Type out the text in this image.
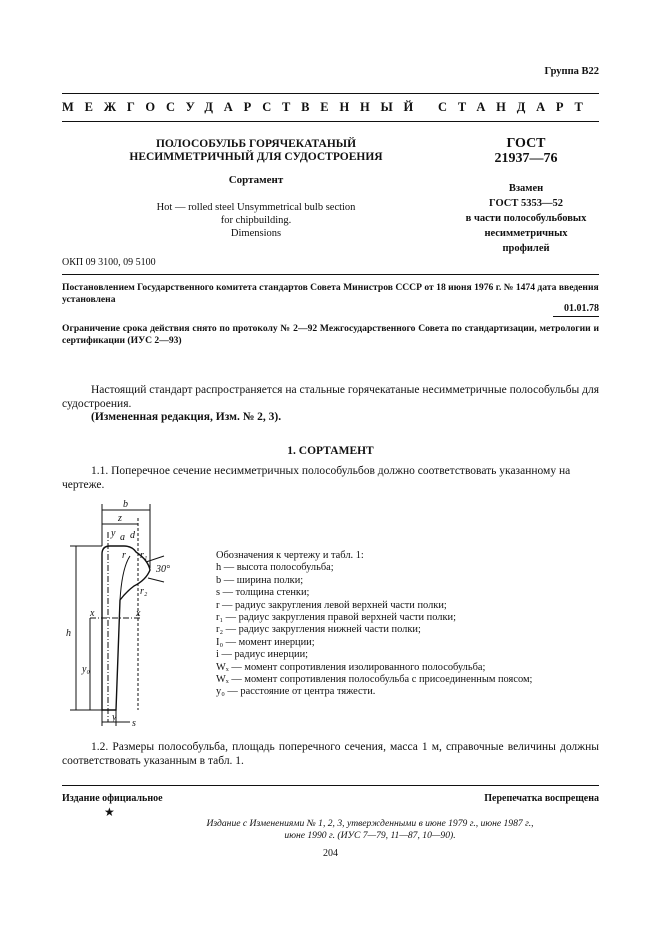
Группа В22
МЕЖГОСУДАРСТВЕННЫЙ СТАНДАРТ
ПОЛОСОБУЛЬБ ГОРЯЧЕКАТАНЫЙ
НЕСИММЕТРИЧНЫЙ ДЛЯ СУДОСТРОЕНИЯ
Сортамент
Hot — rolled steel Unsymmetrical bulb section
for chipbuilding.
Dimensions
ГОСТ
21937—76
Взамен
ГОСТ 5353—52
в части полособульбовых
несимметричных
профилей
ОКП 09 3100, 09 5100
Постановлением Государственного комитета стандартов Совета Министров СССР от 18 июня 1976 г. № 1474 дата введения установлена
01.01.78
Ограничение срока действия снято по протоколу № 2—92 Межгосударственного Совета по стандартизации, метрологии и сертификации (ИУС 2—93)
Настоящий стандарт распространяется на стальные горячекатаные несимметричные полособульбы для судостроения.
(Измененная редакция, Изм. № 2, 3).
1. СОРТАМЕНТ
1.1. Поперечное сечение несимметричных полособульбов должно соответствовать указанному на чертеже.
b
z
y a d
r r₁
30°
r₂
h
x	x
y₀
y
s
Обозначения к чертежу и табл. 1:
h — высота полособульба;
b — ширина полки;
s — толщина стенки;
r — радиус закругления левой верхней части полки;
r₁ — радиус закругления правой верхней части полки;
r₂ — радиус закругления нижней части полки;
I₀ — момент инерции;
i — радиус инерции;
Wₓ — момент сопротивления изолированного полособульба;
Wₓ — момент сопротивления полособульба с присоединенным поясом;
y₀ — расстояние от центра тяжести.
1.2. Размеры полособульба, площадь поперечного сечения, масса 1 м, справочные величины должны соответствовать указанным в табл. 1.
Издание официальное	Перепечатка воспрещена
★
Издание с Изменениями № 1, 2, 3, утвержденными в июне 1979 г., июне 1987 г.,
июне 1990 г. (ИУС 7—79, 11—87, 10—90).
204
